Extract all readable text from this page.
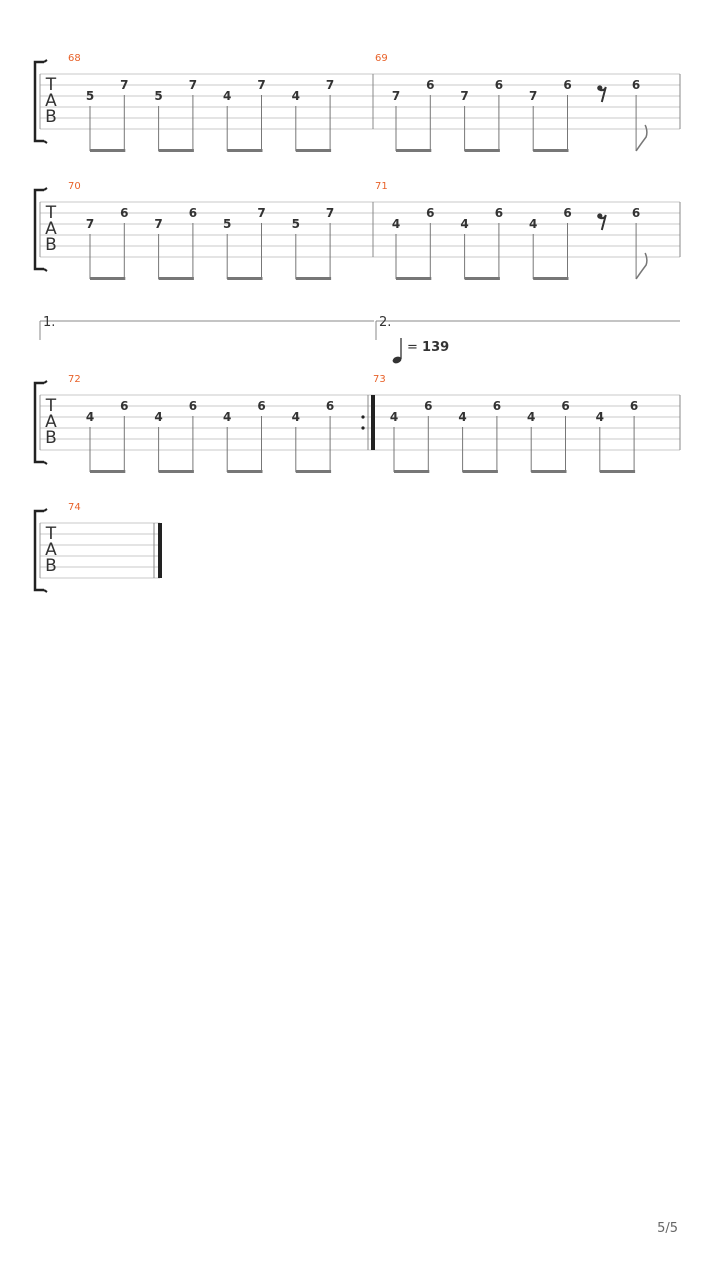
T
A
B
68
5
7
5
7
4
7
4
7
69
7
6
7
6
7
6	6
T
A
B
70
7
6
7
6
5
7
5
7
71
4
6
4
6
4
6	6
T
A
B
72
4
6
4
6
4
6
4
6
73
4
6
4
6
4
6
4
6
T
A
B
74
1.	2.
= 139
5/5
